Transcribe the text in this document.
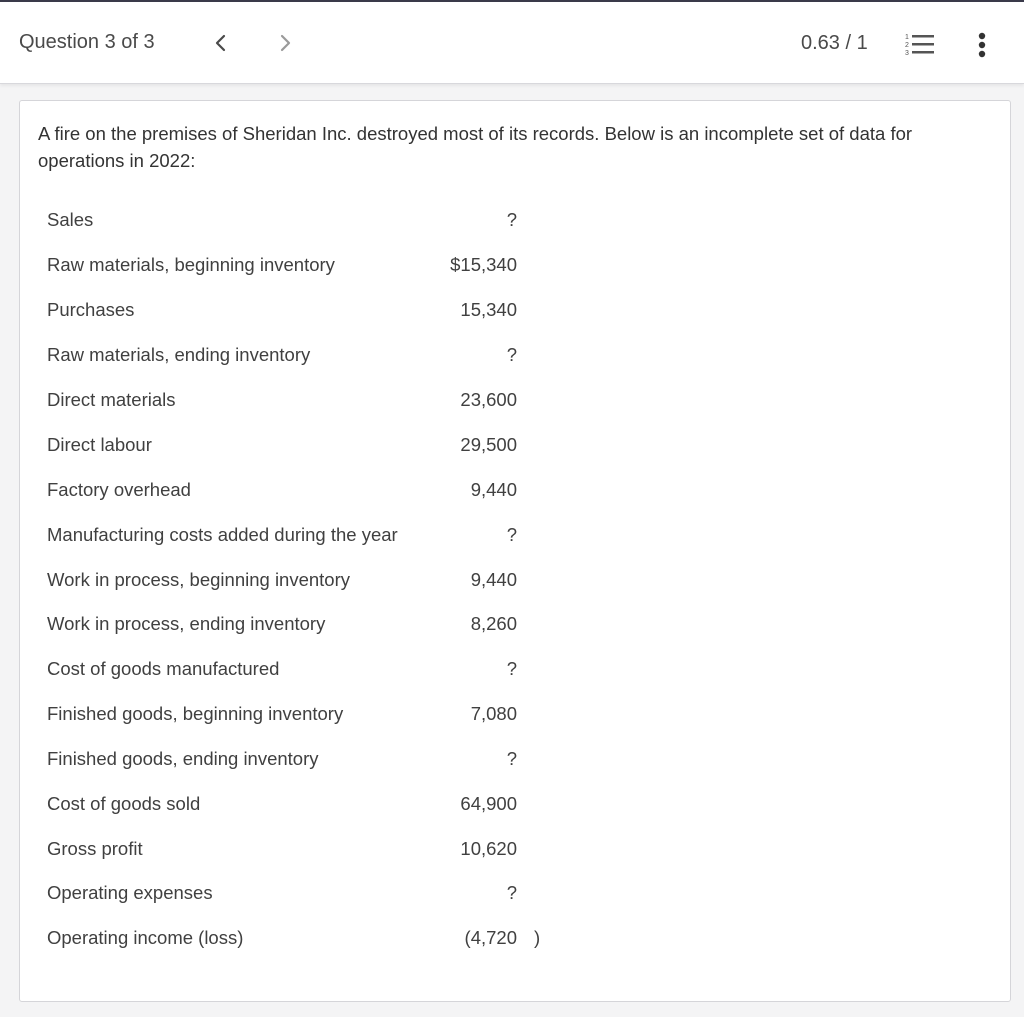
Question 3 of 3	0.63 / 1	1
2
3

A fire on the premises of Sheridan Inc. destroyed most of its records. Below is an incomplete set of data for operations in 2022:

Sales	?
Raw materials, beginning inventory	$15,340
Purchases	15,340
Raw materials, ending inventory	?
Direct materials	23,600
Direct labour	29,500
Factory overhead	9,440
Manufacturing costs added during the year	?
Work in process, beginning inventory	9,440
Work in process, ending inventory	8,260
Cost of goods manufactured	?
Finished goods, beginning inventory	7,080
Finished goods, ending inventory	?
Cost of goods sold	64,900
Gross profit	10,620
Operating expenses	?
Operating income (loss)	(4,720 )
